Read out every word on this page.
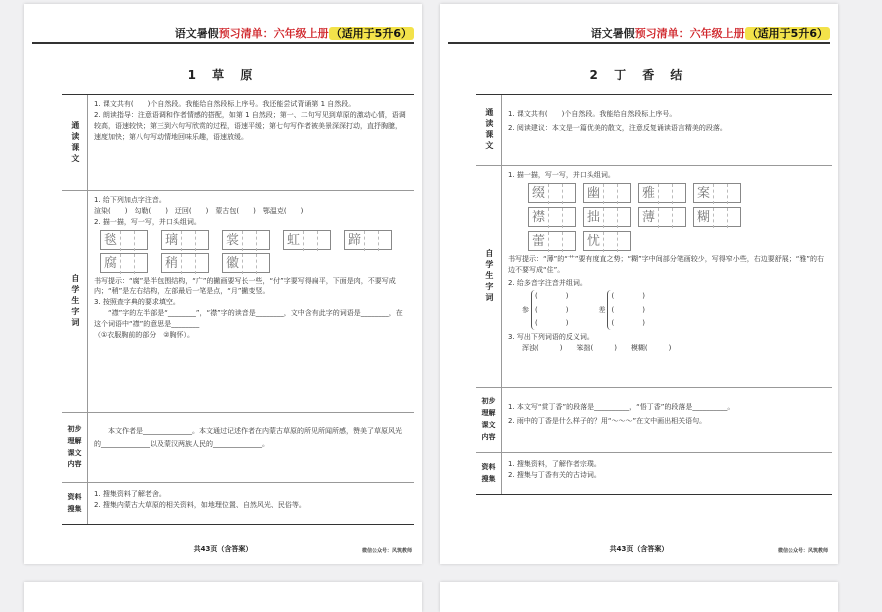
语文暑假预习清单：六年级上册 （适用于5升6）
1 草 原
通读课文

1. 课文共有(　　)个自然段。我能给自然段标上序号。我还能尝试背诵第 1 自然段。

2. 朗读指导：注意语调和作者情感的搭配，如第 1 自然段；第一、二句写见到草原的激动心情，语调较高，语速较快；第三到六句写欣赏的过程，语速平缓；第七句写作者被美景深深打动，直抒胸臆，速度加快；第八句写动情地回味乐趣，语速放缓。

自学生字词

1. 给下列加点字注音。

渲染(　　)　勾勒(　　)　迂回(　　)　蒙古包(　　)　鄂温克(　　)

2. 描一描，写一写，并口头组词。

毯	璃	裳	虹	蹄
腐	稍	徽

书写提示：“腐”是半包围结构，“广”的撇画要写长一些，“付”字要写得扁平，下面是肉，不要写成内；“稍”是左右结构，左部最后一笔是点，“月”撇变竖。

3. 按照查字典的要求填空。

“襟”字的左半部是“________”，“襟”字的读音是________，文中含有此字的词语是________，在这个词语中“襟”的意思是________

（①衣服胸前的部分　②胸怀）。

初步理解课文内容

本文作者是______________。本文通过记述作者在内蒙古草原的所见所闻所感，赞美了草原风光的______________以及蒙汉两族人民的______________。

资料搜集

1. 搜集资料了解老舍。

2. 搜集内蒙古大草原的相关资料，如地理位置、自然风光、民俗等。

共43页（含答案）	微信公众号：风筑教师
语文暑假预习清单：六年级上册 （适用于5升6）
2 丁 香 结
通读课文	1. 课文共有(　　)个自然段。我能给自然段标上序号。

2. 阅读建议：本文是一篇优美的散文，注意反复诵读语言精美的段落。

自学生字词

1. 描一描，写一写，并口头组词。

缀	幽	雅	案
襟	拙	薄	糊
蕾	忧

书写提示：“薄”的“艹”要有度直之势；“糊”字中间部分笔画较少，写得窄小些，右边要舒展；“雅”的右边不要写成“住”。

2. 给多音字注音并组词。

参
(　　　　)
(　　　　)
(　　　　)
差
(　　　　)
(　　　　)
(　　　　)

3. 写出下列词语的反义词。

浑浊(　　　)　　笨拙(　　　)　　模糊(　　　)

初步理解课文内容

1. 本文写“赏丁香”的段落是__________，“悟丁香”的段落是__________。

2. 雨中的丁香是什么样子的？用“～～～”在文中画出相关语句。

资料搜集

1. 搜集资料，了解作者宗璞。

2. 搜集与丁香有关的古诗词。

共43页（含答案）	微信公众号：风筑教师
